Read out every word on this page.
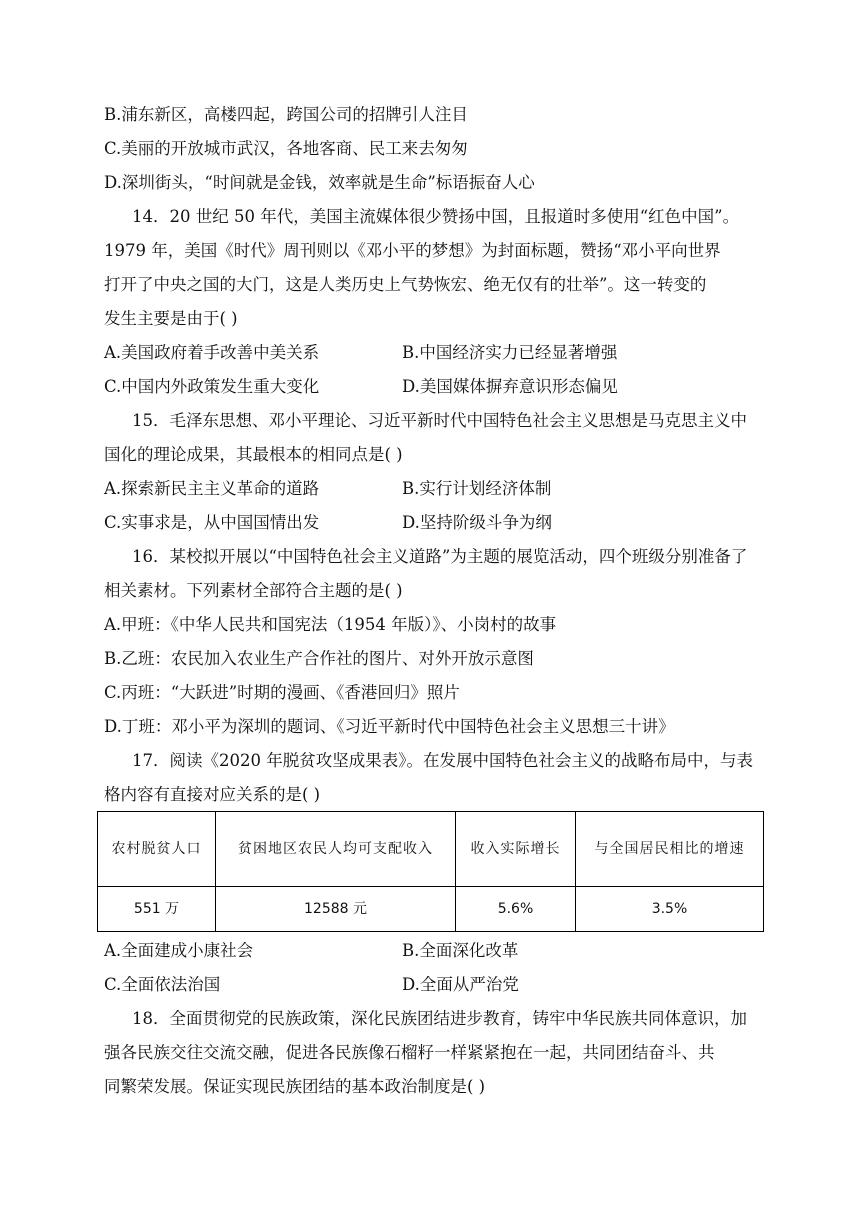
B.浦东新区，高楼四起，跨国公司的招牌引人注目
C.美丽的开放城市武汉，各地客商、民工来去匆匆
D.深圳街头，“时间就是金钱，效率就是生命”标语振奋人心
14．20 世纪 50 年代，美国主流媒体很少赞扬中国，且报道时多使用“红色中国”。
1979 年，美国《时代》周刊则以《邓小平的梦想》为封面标题，赞扬“邓小平向世界
打开了中央之国的大门，这是人类历史上气势恢宏、绝无仅有的壮举”。这一转变的
发生主要是由于( )
A.美国政府着手改善中美关系	B.中国经济实力已经显著增强
C.中国内外政策发生重大变化	D.美国媒体摒弃意识形态偏见
15．毛泽东思想、邓小平理论、习近平新时代中国特色社会主义思想是马克思主义中
国化的理论成果，其最根本的相同点是( )
A.探索新民主主义革命的道路	B.实行计划经济体制
C.实事求是，从中国国情出发	D.坚持阶级斗争为纲
16．某校拟开展以“中国特色社会主义道路”为主题的展览活动，四个班级分别准备了
相关素材。下列素材全部符合主题的是( )
A.甲班：《中华人民共和国宪法（1954 年版）》、小岗村的故事
B.乙班：农民加入农业生产合作社的图片、对外开放示意图
C.丙班：“大跃进”时期的漫画、《香港回归》照片
D.丁班：邓小平为深圳的题词、《习近平新时代中国特色社会主义思想三十讲》
17．阅读《2020 年脱贫攻坚成果表》。在发展中国特色社会主义的战略布局中，与表
格内容有直接对应关系的是( )
农村脱贫人口	贫困地区农民人均可支配收入	收入实际增长	与全国居民相比的增速
551 万	12588 元	5.6%	3.5%
A.全面建成小康社会	B.全面深化改革
C.全面依法治国	D.全面从严治党
18．全面贯彻党的民族政策，深化民族团结进步教育，铸牢中华民族共同体意识，加
强各民族交往交流交融，促进各民族像石榴籽一样紧紧抱在一起，共同团结奋斗、共
同繁荣发展。保证实现民族团结的基本政治制度是( )
